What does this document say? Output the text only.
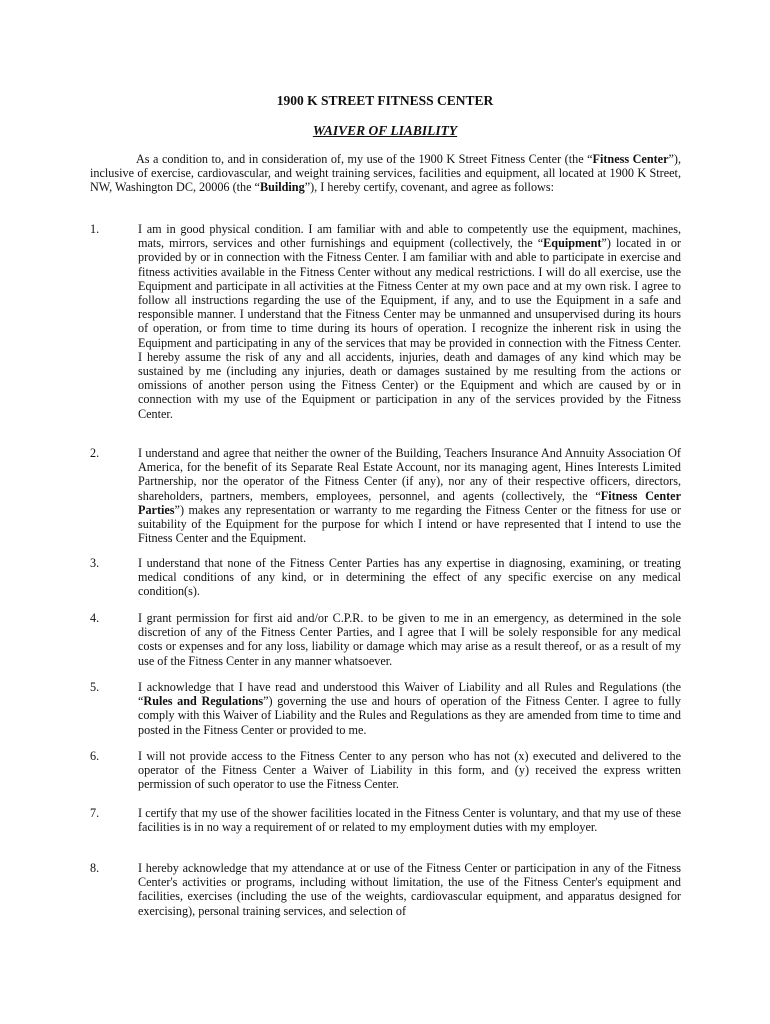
1900 K STREET FITNESS CENTER
WAIVER OF LIABILITY

As a condition to, and in consideration of, my use of the 1900 K Street Fitness Center (the “Fitness Center”), inclusive of exercise, cardiovascular, and weight training services, facilities and equipment, all located at 1900 K Street, NW, Washington DC, 20006 (the “Building”), I hereby certify, covenant, and agree as follows:

1.	I am in good physical condition. I am familiar with and able to competently use the equipment, machines, mats, mirrors, services and other furnishings and equipment (collectively, the “Equipment”) located in or provided by or in connection with the Fitness Center. I am familiar with and able to participate in exercise and fitness activities available in the Fitness Center without any medical restrictions. I will do all exercise, use the Equipment and participate in all activities at the Fitness Center at my own pace and at my own risk. I agree to follow all instructions regarding the use of the Equipment, if any, and to use the Equipment in a safe and responsible manner. I understand that the Fitness Center may be unmanned and unsupervised during its hours of operation, or from time to time during its hours of operation. I recognize the inherent risk in using the Equipment and participating in any of the services that may be provided in connection with the Fitness Center. I hereby assume the risk of any and all accidents, injuries, death and damages of any kind which may be sustained by me (including any injuries, death or damages sustained by me resulting from the actions or omissions of another person using the Fitness Center) or the Equipment and which are caused by or in connection with my use of the Equipment or participation in any of the services provided by the Fitness Center.
2.	I understand and agree that neither the owner of the Building, Teachers Insurance And Annuity Association Of America, for the benefit of its Separate Real Estate Account, nor its managing agent, Hines Interests Limited Partnership, nor the operator of the Fitness Center (if any), nor any of their respective officers, directors, shareholders, partners, members, employees, personnel, and agents (collectively, the “Fitness Center Parties”) makes any representation or warranty to me regarding the Fitness Center or the fitness for use or suitability of the Equipment for the purpose for which I intend or have represented that I intend to use the Fitness Center and the Equipment.
3.	I understand that none of the Fitness Center Parties has any expertise in diagnosing, examining, or treating medical conditions of any kind, or in determining the effect of any specific exercise on any medical condition(s).
4.	I grant permission for first aid and/or C.P.R. to be given to me in an emergency, as determined in the sole discretion of any of the Fitness Center Parties, and I agree that I will be solely responsible for any medical costs or expenses and for any loss, liability or damage which may arise as a result thereof, or as a result of my use of the Fitness Center in any manner whatsoever.
5.	I acknowledge that I have read and understood this Waiver of Liability and all Rules and Regulations (the “Rules and Regulations”) governing the use and hours of operation of the Fitness Center. I agree to fully comply with this Waiver of Liability and the Rules and Regulations as they are amended from time to time and posted in the Fitness Center or provided to me.
6.	I will not provide access to the Fitness Center to any person who has not (x) executed and delivered to the operator of the Fitness Center a Waiver of Liability in this form, and (y) received the express written permission of such operator to use the Fitness Center.
7.	I certify that my use of the shower facilities located in the Fitness Center is voluntary, and that my use of these facilities is in no way a requirement of or related to my employment duties with my employer.
8.	I hereby acknowledge that my attendance at or use of the Fitness Center or participation in any of the Fitness Center's activities or programs, including without limitation, the use of the Fitness Center's equipment and facilities, exercises (including the use of the weights, cardiovascular equipment, and apparatus designed for exercising), personal training services, and selection of
